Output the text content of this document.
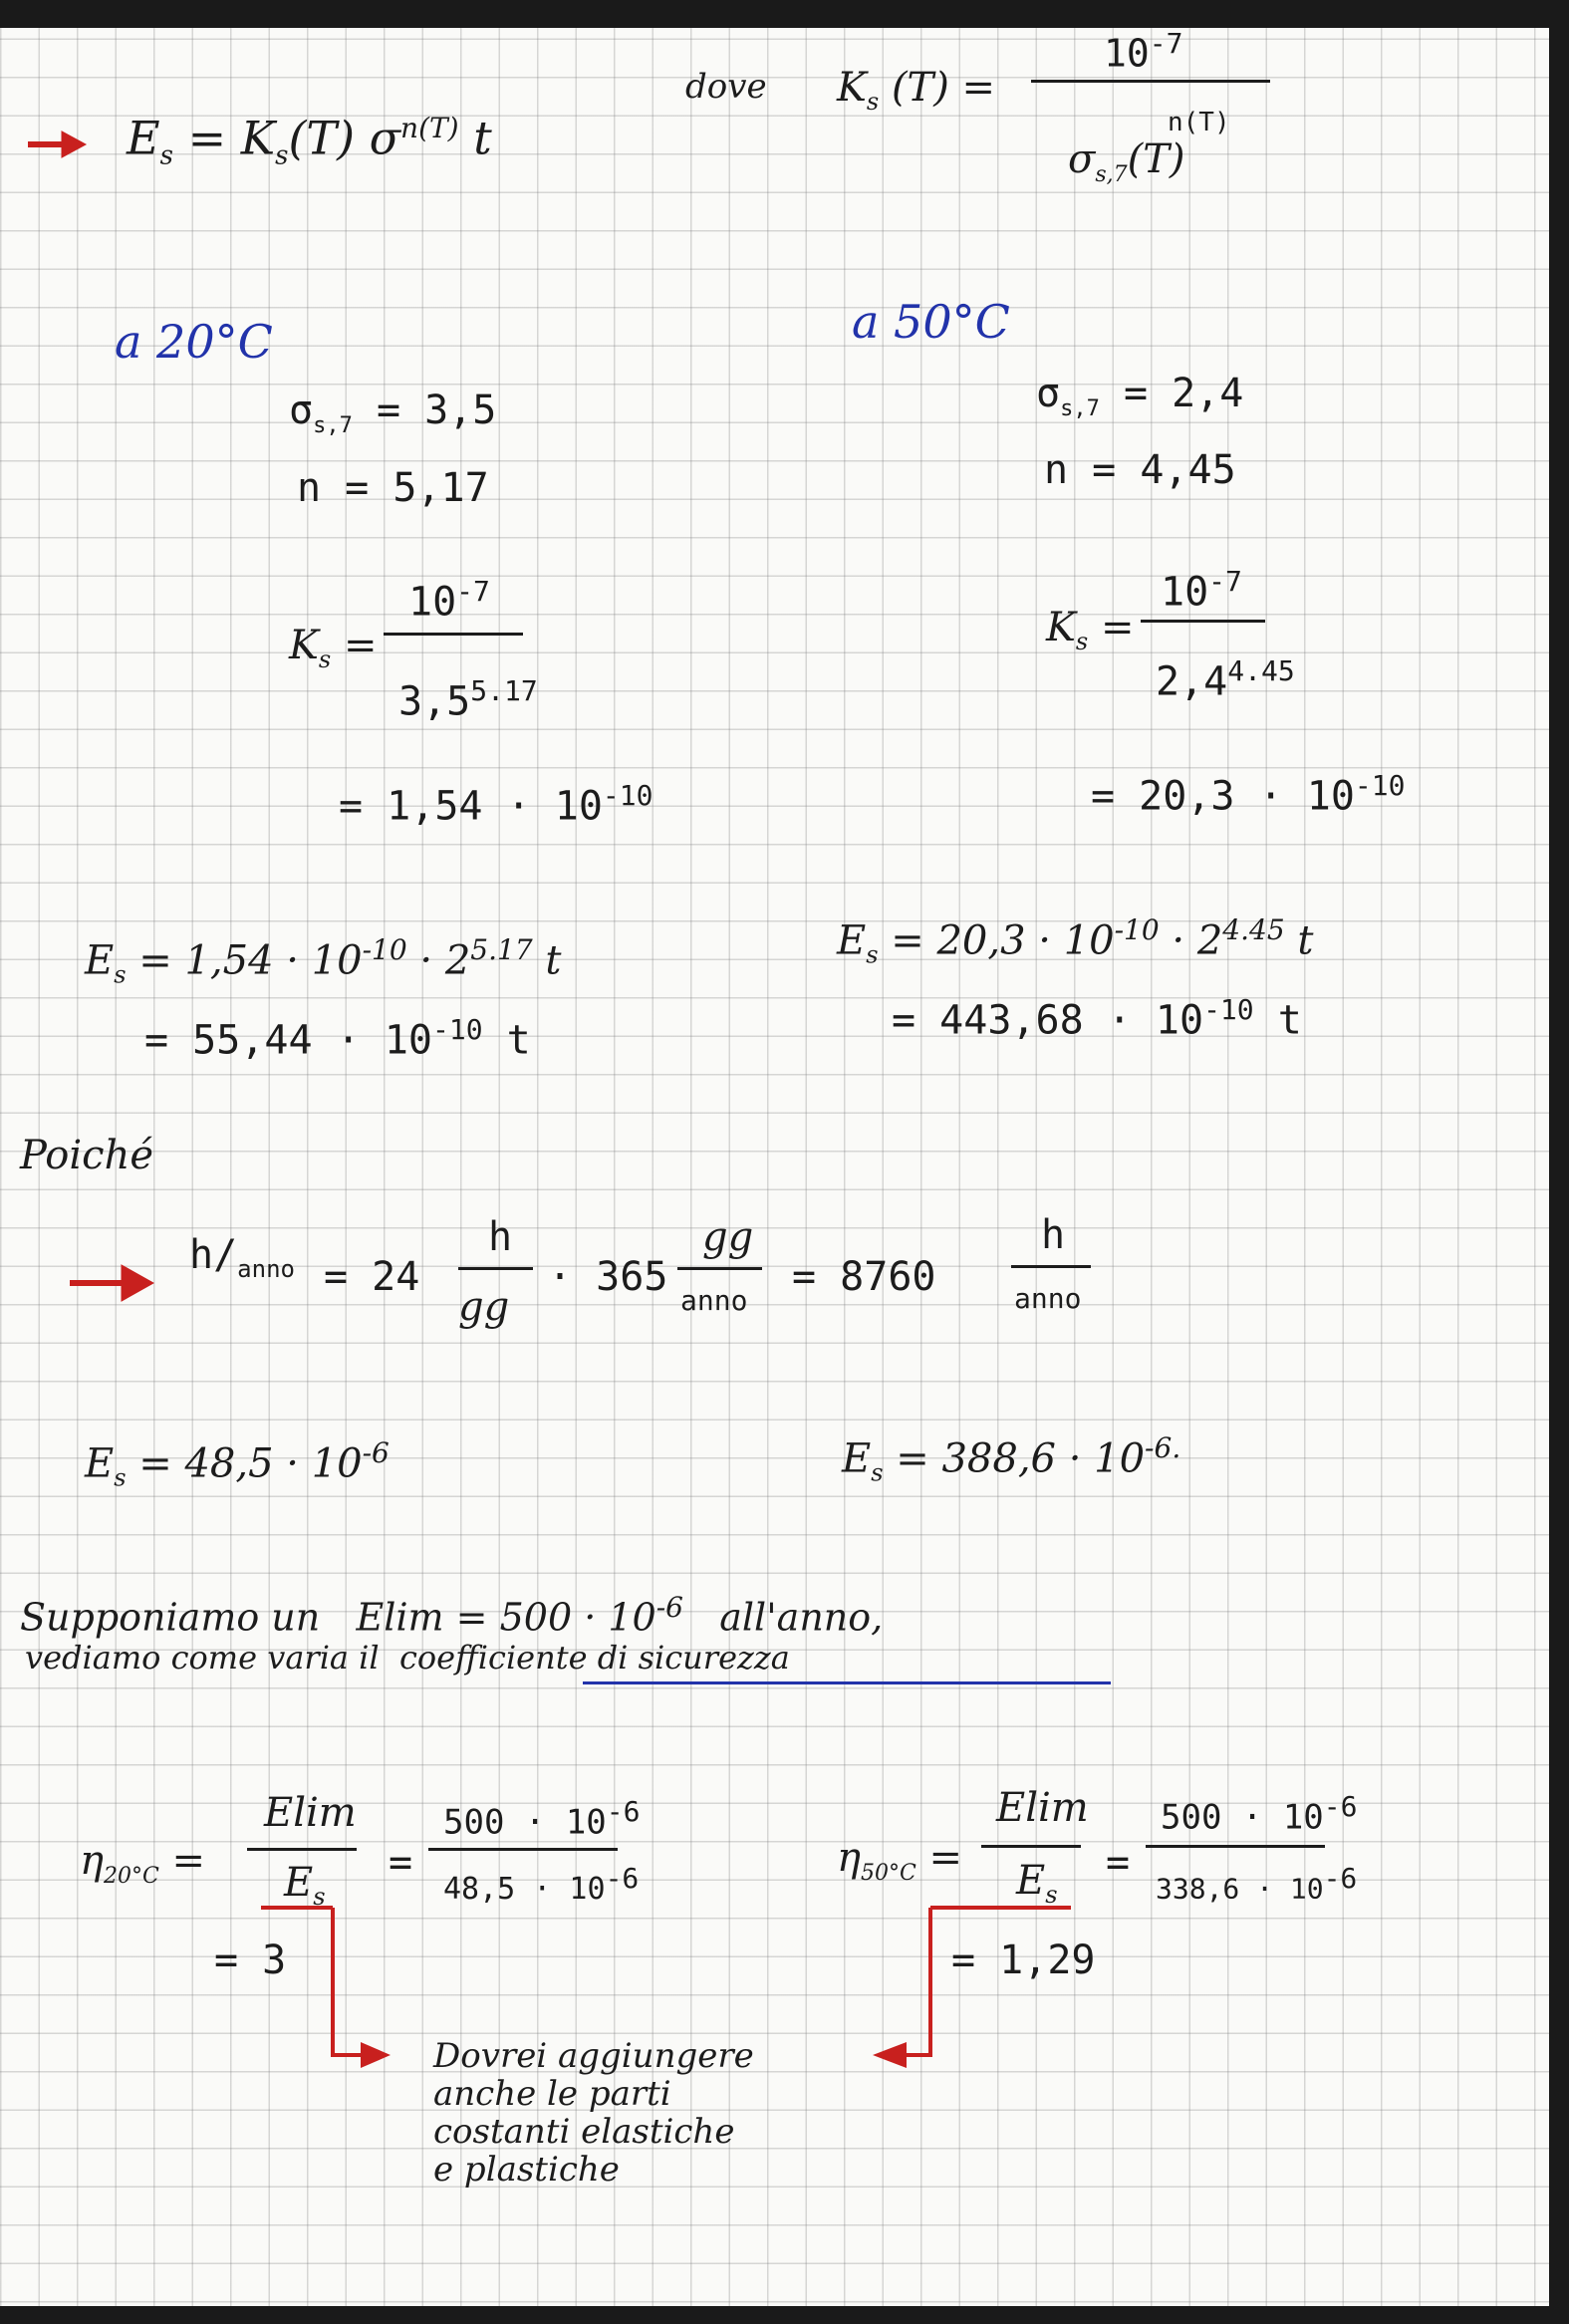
$E_s = K_s(T)$ $\sigma^{n(T)}$ t
dove $K_s$ (T) =
$10^{-7}$
n(T)
$\sigma_{s,7}(T)$
a 20°C
$\sigma_{s,7} = 3,5$
n = 5,17
$K_s$ =
$10^{-7}$
$3,5^{5.17}$
= $1,54 \cdot 10^{-10}$
$E_s = 1,54 \cdot 10^{-10} \cdot 2^{5.17}$ t
= $55,44 \cdot 10^{-10}$ t
$E_s = 48,5 \cdot 10^{-6}$
a 50°C
$\sigma_{s,7} = 2,4$
n = 4,45
$K_s$ =
$10^{-7}$
$2,4^{4.45}$
= $20,3 \cdot 10^{-10}$
$E_s = 20,3 \cdot 10^{-10} \cdot 2^{4.45}$ t
= $443,68 \cdot 10^{-10}$ t
$E_s = 388,6 \cdot 10^{-6.}$
Poiché
$h/_{anno} = 24$
h
gg
· 365
gg
anno
= 8760
h
anno
Supponiamo un $Elim = 500 \cdot 10^{-6}$ all'anno,
vediamo come varia il coefficiente di sicurezza
$\eta_{20^\circ C}$ =
Elim
$E_s$
=
$500 \cdot 10^{-6}$
$48,5 \cdot 10^{-6}$
= 3
$\eta_{50^\circ C}$ =
Elim
$E_s$
=
$500 \cdot 10^{-6}$
$338,6 \cdot 10^{-6}$
= 1,29
Dovrei aggiungere
anche le parti
costanti elastiche
e plastiche
